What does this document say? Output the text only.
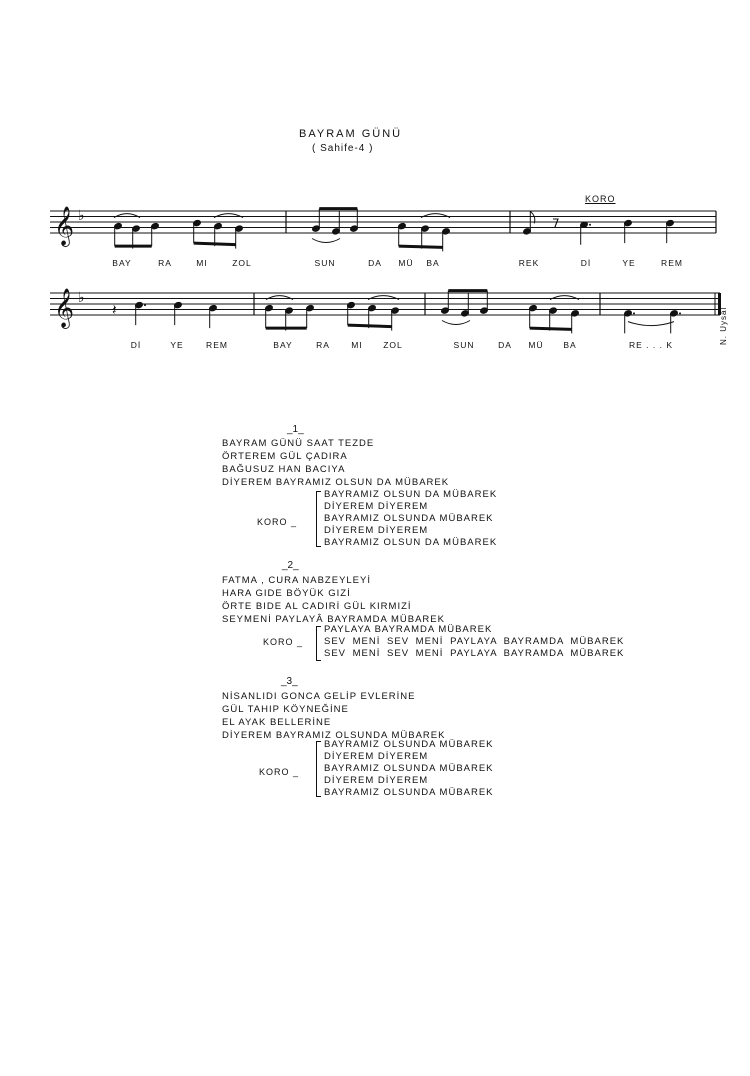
BAYRAM GÜNÜ
( Sahife-4 )
KORO
𝄞 ♭	7
𝄞 ♭
𝄽
BAY	RA	MI	ZOL	SUN	DA MÜ BA	REK	Dİ	YE	REM
Dİ	YE	REM	BAY	RA	MI ZOL	SUN	DA MÜ BA	RE . . . K	N. Uysal
_1_
BAYRAM GÜNÜ SAAT TEZDE
ÖRTEREM GÜL ÇADIRA
BAĞUSUZ HAN BACIYA
DİYEREM BAYRAMIZ OLSUN DA MÜBAREK
KORO _
BAYRAMIZ OLSUN DA MÜBAREK
DİYEREM DİYEREM
BAYRAMIZ OLSUNDA MÜBAREK
DİYEREM DİYEREM
BAYRAMIZ OLSUN DA MÜBAREK
_2_
FATMA , CURA NABZEYLEYİ
HARA GIDE BÖYÜK GIZİ
ÖRTE BIDE AL CADIRİ GÜL KIRMIZİ
SEYMENİ PAYLAYÂ BAYRAMDA MÜBAREK
KORO _
PAYLAYA BAYRAMDA MÜBAREK
SEV MENİ SEV MENİ PAYLAYA BAYRAMDA MÜBAREK
SEV MENİ SEV MENİ PAYLAYA BAYRAMDA MÜBAREK
_3_
NİSANLIDI GONCA GELİP EVLERİNE
GÜL TAHIP KÖYNEĞİNE
EL AYAK BELLERİNE
DİYEREM BAYRAMIZ OLSUNDA MÜBAREK
KORO _
BAYRAMIZ OLSUNDA MÜBAREK
DİYEREM DİYEREM
BAYRAMIZ OLSUNDA MÜBAREK
DİYEREM DİYEREM
BAYRAMIZ OLSUNDA MÜBAREK
